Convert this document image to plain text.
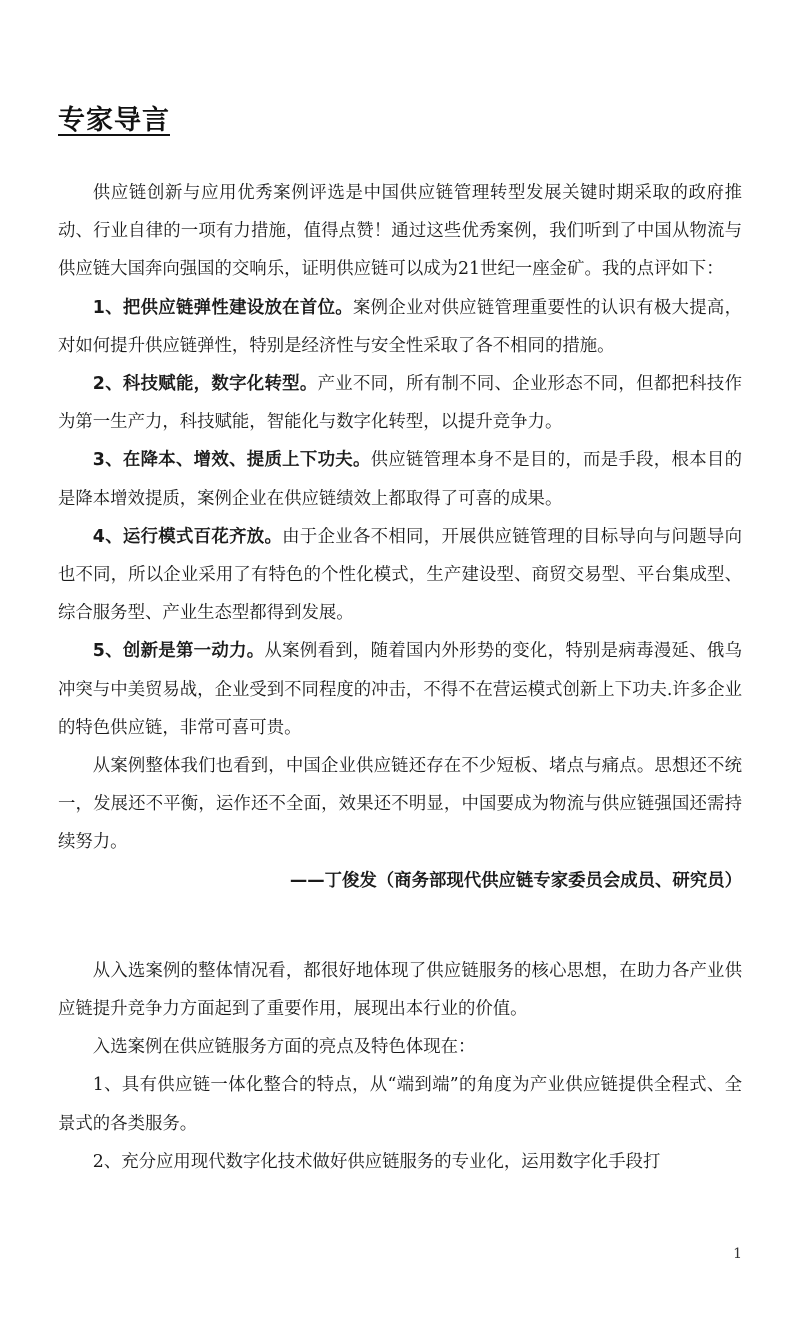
专家导言

供应链创新与应用优秀案例评选是中国供应链管理转型发展关键时期采取的政府推动、行业自律的一项有力措施，值得点赞！通过这些优秀案例，我们听到了中国从物流与供应链大国奔向强国的交响乐，证明供应链可以成为21世纪一座金矿。我的点评如下：

1、把供应链弹性建设放在首位。案例企业对供应链管理重要性的认识有极大提高，对如何提升供应链弹性，特别是经济性与安全性采取了各不相同的措施。

2、科技赋能，数字化转型。产业不同，所有制不同、企业形态不同，但都把科技作为第一生产力，科技赋能，智能化与数字化转型，以提升竞争力。

3、在降本、增效、提质上下功夫。供应链管理本身不是目的，而是手段，根本目的是降本增效提质，案例企业在供应链绩效上都取得了可喜的成果。

4、运行模式百花齐放。由于企业各不相同，开展供应链管理的目标导向与问题导向也不同，所以企业采用了有特色的个性化模式，生产建设型、商贸交易型、平台集成型、综合服务型、产业生态型都得到发展。

5、创新是第一动力。从案例看到，随着国内外形势的变化，特别是病毒漫延、俄乌冲突与中美贸易战，企业受到不同程度的冲击，不得不在营运模式创新上下功夫.许多企业的特色供应链，非常可喜可贵。

从案例整体我们也看到，中国企业供应链还存在不少短板、堵点与痛点。思想还不统一，发展还不平衡，运作还不全面，效果还不明显，中国要成为物流与供应链强国还需持续努力。

——丁俊发（商务部现代供应链专家委员会成员、研究员）

从入选案例的整体情况看，都很好地体现了供应链服务的核心思想，在助力各产业供应链提升竞争力方面起到了重要作用，展现出本行业的价值。

入选案例在供应链服务方面的亮点及特色体现在：

1、具有供应链一体化整合的特点，从“端到端”的角度为产业供应链提供全程式、全景式的各类服务。

2、充分应用现代数字化技术做好供应链服务的专业化，运用数字化手段打

1
